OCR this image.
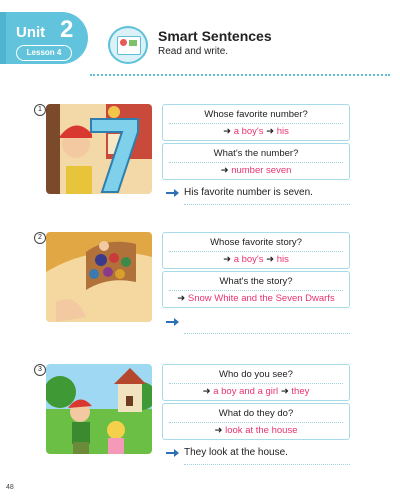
Unit 2
Lesson 4
Smart Sentences
Read and write.
1	Whose favorite number?
➜ a boy's ➜ his
What's the number?
➜ number seven
His favorite number is seven.
2	Whose favorite story?
➜ a boy's ➜ his
What's the story?
➜ Snow White and the Seven Dwarfs
3	Who do you see?
➜ a boy and a girl ➜ they
What do they do?
➜ look at the house
They look at the house.
48
